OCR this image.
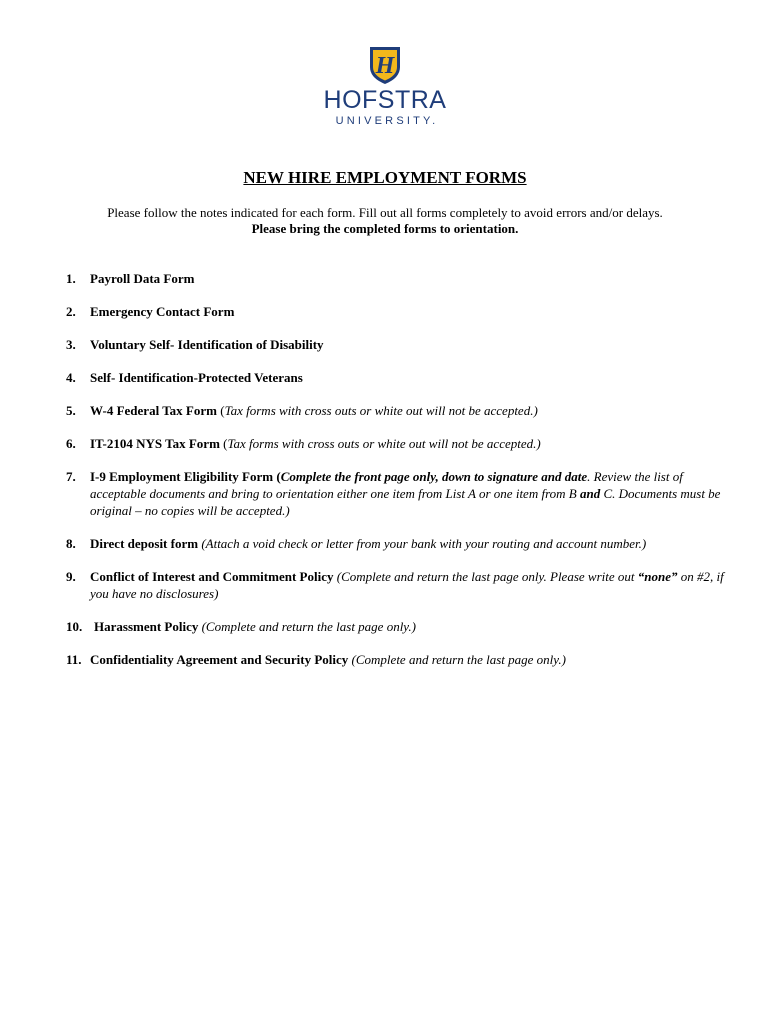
H
HOFSTRA
UNIVERSITY.
NEW HIRE EMPLOYMENT FORMS
Please follow the notes indicated for each form. Fill out all forms completely to avoid errors and/or delays.
Please bring the completed forms to orientation.
1. Payroll Data Form
2. Emergency Contact Form
3. Voluntary Self- Identification of Disability
4. Self- Identification-Protected Veterans
5. W-4 Federal Tax Form (Tax forms with cross outs or white out will not be accepted.)
6. IT-2104 NYS Tax Form (Tax forms with cross outs or white out will not be accepted.)
7. I-9 Employment Eligibility Form (Complete the front page only, down to signature and date. Review the list of acceptable documents and bring to orientation either one item from List A or one item from B and C. Documents must be original – no copies will be accepted.)
8. Direct deposit form (Attach a void check or letter from your bank with your routing and account number.)
9. Conflict of Interest and Commitment Policy (Complete and return the last page only. Please write out “none” on #2, if you have no disclosures)
10. Harassment Policy (Complete and return the last page only.)
11. Confidentiality Agreement and Security Policy (Complete and return the last page only.)
